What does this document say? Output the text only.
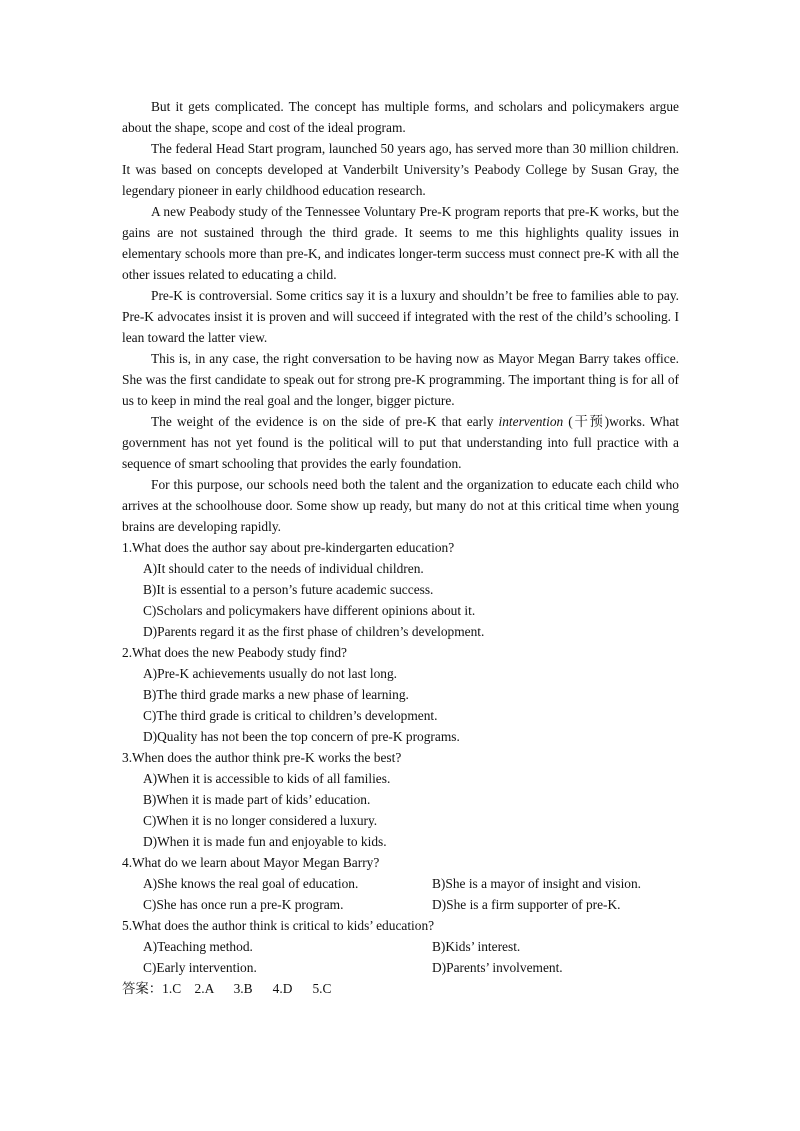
But it gets complicated. The concept has multiple forms, and scholars and policymakers argue about the shape, scope and cost of the ideal program.

The federal Head Start program, launched 50 years ago, has served more than 30 million children. It was based on concepts developed at Vanderbilt University’s Peabody College by Susan Gray, the legendary pioneer in early childhood education research.

A new Peabody study of the Tennessee Voluntary Pre-K program reports that pre-K works, but the gains are not sustained through the third grade. It seems to me this highlights quality issues in elementary schools more than pre-K, and indicates longer-term success must connect pre-K with all the other issues related to educating a child.

Pre-K is controversial. Some critics say it is a luxury and shouldn’t be free to families able to pay. Pre-K advocates insist it is proven and will succeed if integrated with the rest of the child’s schooling. I lean toward the latter view.

This is, in any case, the right conversation to be having now as Mayor Megan Barry takes office. She was the first candidate to speak out for strong pre-K programming. The important thing is for all of us to keep in mind the real goal and the longer, bigger picture.

The weight of the evidence is on the side of pre-K that early intervention (干预)works. What government has not yet found is the political will to put that understanding into full practice with a sequence of smart schooling that provides the early foundation.

For this purpose, our schools need both the talent and the organization to educate each child who arrives at the schoolhouse door. Some show up ready, but many do not at this critical time when young brains are developing rapidly.

1.What does the author say about pre-kindergarten education?

A)It should cater to the needs of individual children.

B)It is essential to a person’s future academic success.

C)Scholars and policymakers have different opinions about it.

D)Parents regard it as the first phase of children’s development.

2.What does the new Peabody study find?

A)Pre-K achievements usually do not last long.

B)The third grade marks a new phase of learning.

C)The third grade is critical to children’s development.

D)Quality has not been the top concern of pre-K programs.

3.When does the author think pre-K works the best?

A)When it is accessible to kids of all families.

B)When it is made part of kids’ education.

C)When it is no longer considered a luxury.

D)When it is made fun and enjoyable to kids.

4.What do we learn about Mayor Megan Barry?

A)She knows the real goal of education.	B)She is a mayor of insight and vision.
C)She has once run a pre-K program.	D)She is a firm supporter of pre-K.

5.What does the author think is critical to kids’ education?

A)Teaching method.	B)Kids’ interest.
C)Early intervention.	D)Parents’ involvement.

答案：1.C    2.A      3.B      4.D      5.C
